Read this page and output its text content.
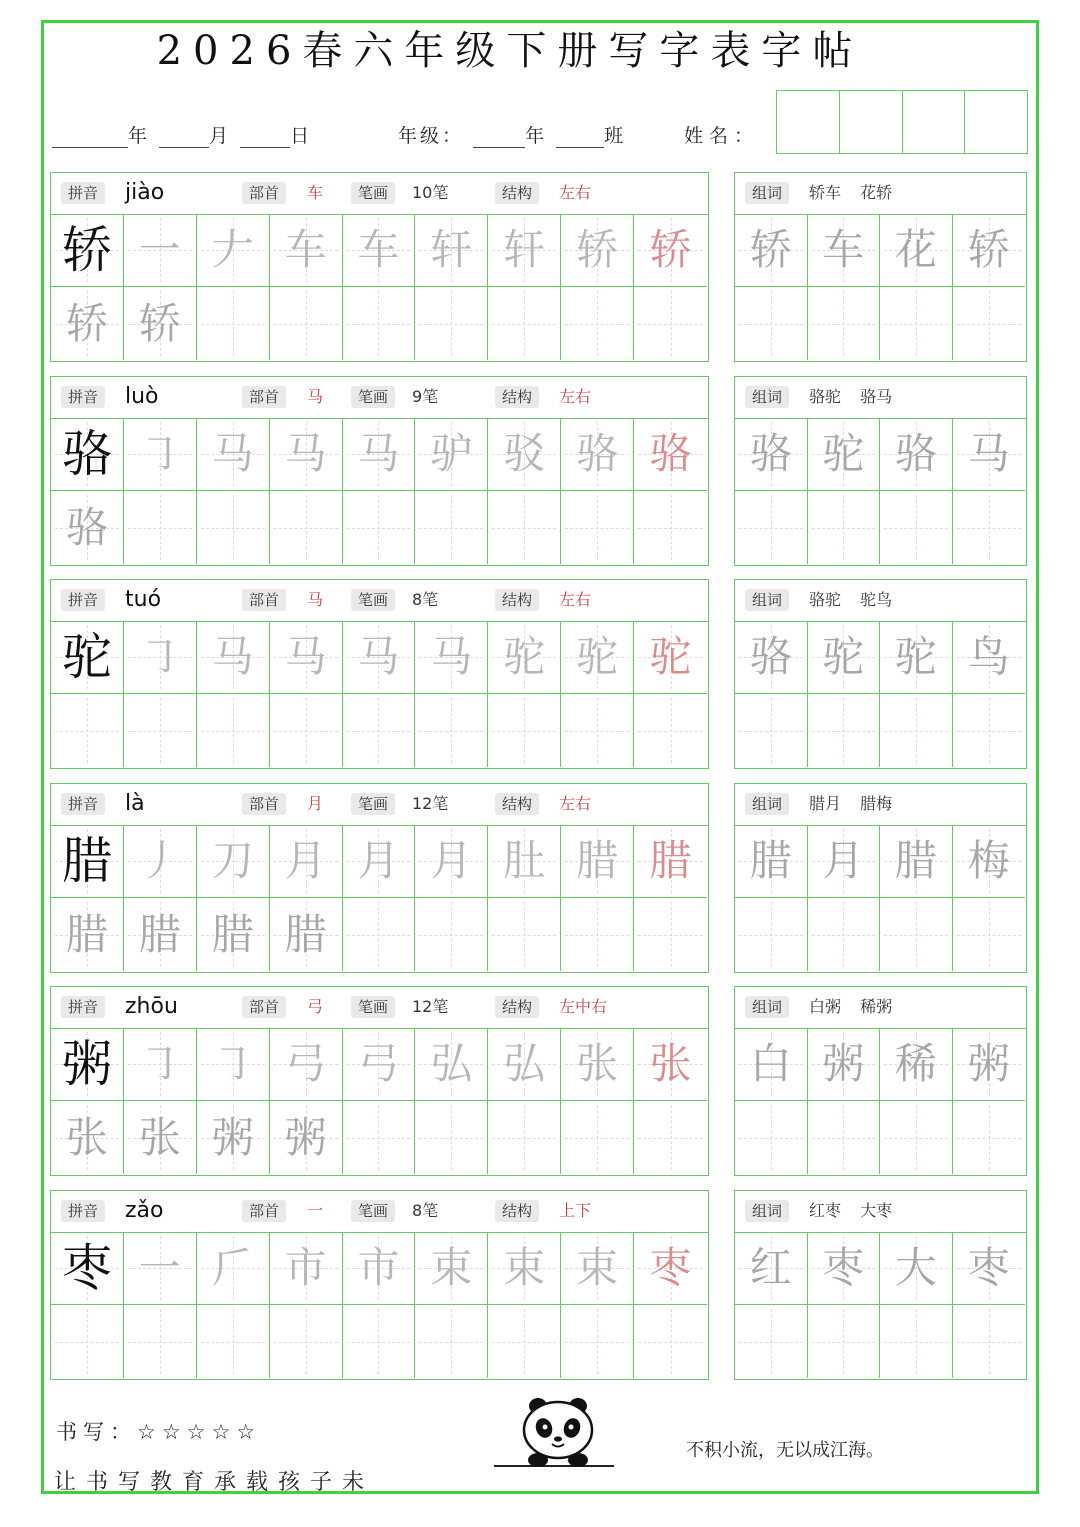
2026春六年级下册写字表字帖
年	月	日	年级：	年	班	姓名：
拼音	jiào	部首	车	笔画	10笔	结构	左右
轿 一 𠂇 车 车 轩 轩 轿 轿
轿 轿
组词	轿车 花轿
轿 车 花 轿
拼音	luò	部首	马	笔画	9笔	结构	左右
骆 ㇆ 马 马 马 驴 驳 骆 骆
骆
组词	骆驼 骆马
骆 驼 骆 马
拼音	tuó	部首	马	笔画	8笔	结构	左右
驼 ㇆ 马 马 马 马 驼 驼 驼
组词	骆驼 驼鸟
骆 驼 驼 鸟
拼音	là	部首	月	笔画	12笔	结构	左右
腊 丿 刀 月 月 月 肚 腊 腊
腊 腊 腊 腊
组词	腊月 腊梅
腊 月 腊 梅
拼音	zhōu	部首	弓	笔画	12笔	结构	左中右
粥 ㇆ ㇆ 弓 弓 弘 弘 张 张
张 张 粥 粥
组词	白粥 稀粥
白 粥 稀 粥
拼音	zǎo	部首	一	笔画	8笔	结构	上下
枣 一 𠂆 市 市 束 束 束 枣
组词	红枣 大枣
红 枣 大 枣
书写：☆☆☆☆☆
让书写教育承载孩子未
不积小流，无以成江海。
